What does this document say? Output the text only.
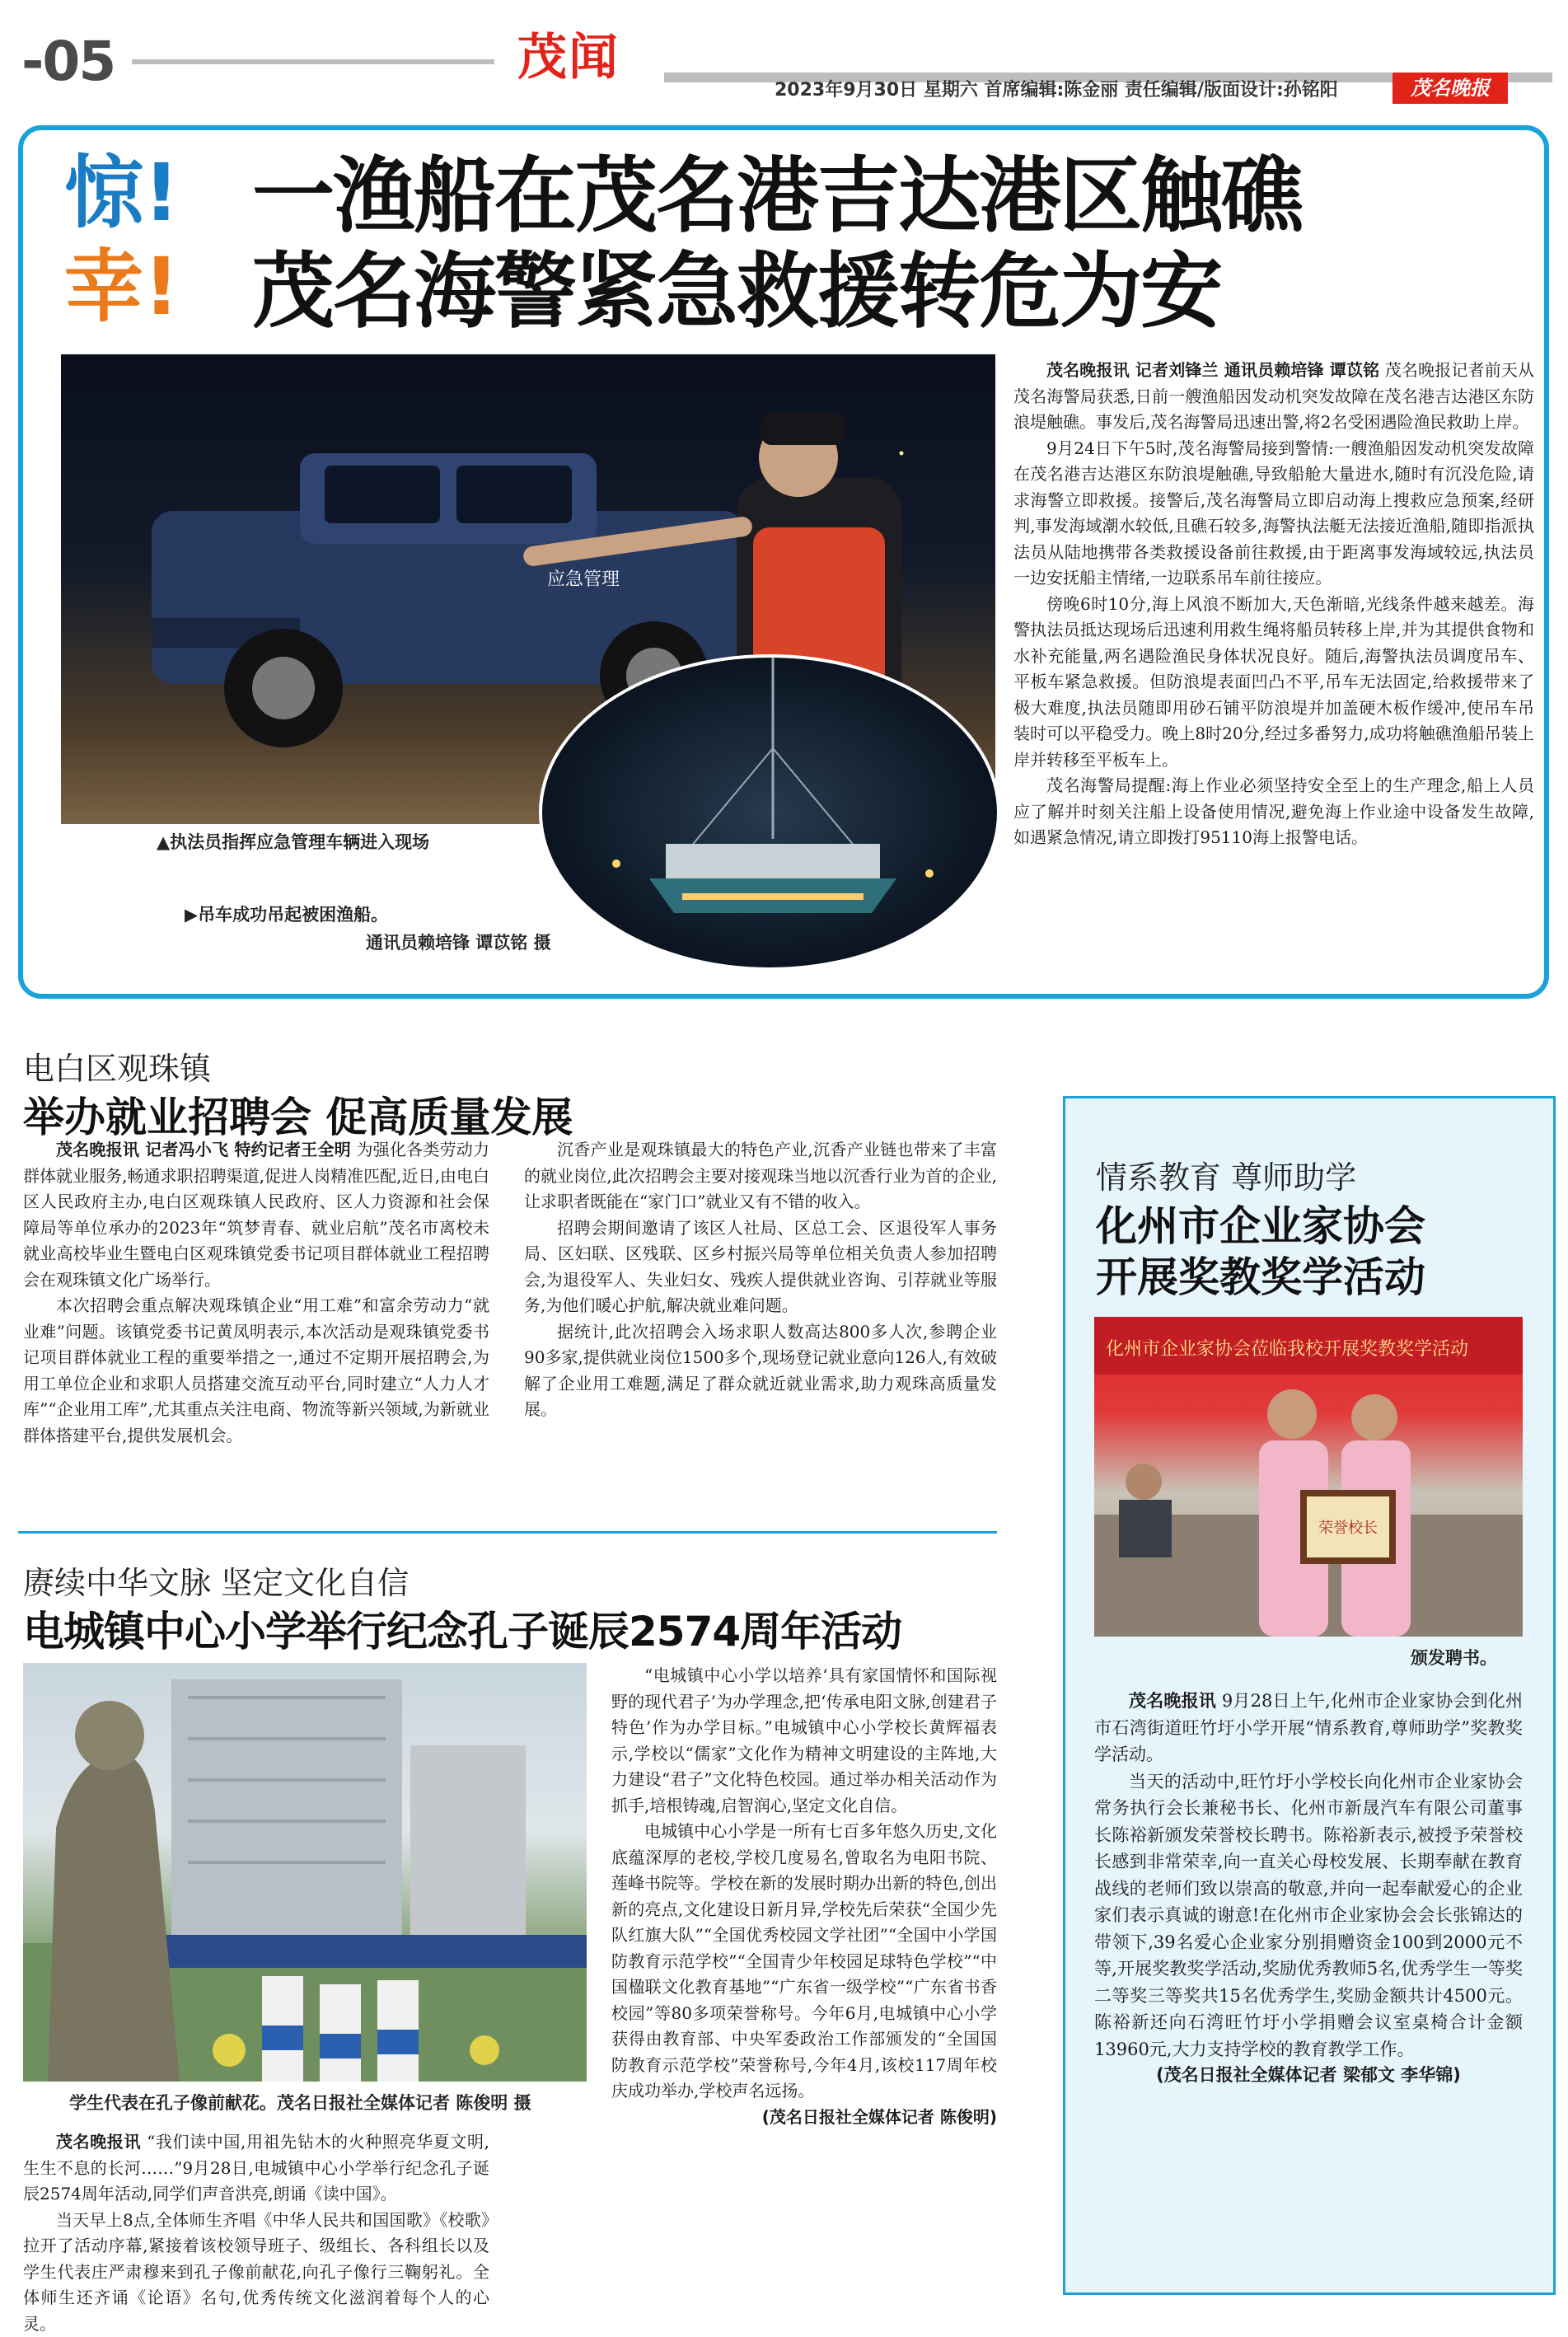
-05	茂闻
2023年9月30日 星期六 首席编辑:陈金丽 责任编辑/版面设计:孙铭阳	茂名晚报
惊!
幸!
一渔船在茂名港吉达港区触礁
茂名海警紧急救援转危为安
应急管理
▲执法员指挥应急管理车辆进入现场
▶吊车成功吊起被困渔船。
通讯员赖培锋 谭苡铭 摄

茂名晚报讯 记者刘锋兰 通讯员赖培锋 谭苡铭 茂名晚报记者前天从茂名海警局获悉,日前一艘渔船因发动机突发故障在茂名港吉达港区东防浪堤触礁。事发后,茂名海警局迅速出警,将2名受困遇险渔民救助上岸。

9月24日下午5时,茂名海警局接到警情:一艘渔船因发动机突发故障在茂名港吉达港区东防浪堤触礁,导致船舱大量进水,随时有沉没危险,请求海警立即救援。接警后,茂名海警局立即启动海上搜救应急预案,经研判,事发海域潮水较低,且礁石较多,海警执法艇无法接近渔船,随即指派执法员从陆地携带各类救援设备前往救援,由于距离事发海域较远,执法员一边安抚船主情绪,一边联系吊车前往接应。

傍晚6时10分,海上风浪不断加大,天色渐暗,光线条件越来越差。海警执法员抵达现场后迅速利用救生绳将船员转移上岸,并为其提供食物和水补充能量,两名遇险渔民身体状况良好。随后,海警执法员调度吊车、平板车紧急救援。但防浪堤表面凹凸不平,吊车无法固定,给救援带来了极大难度,执法员随即用砂石铺平防浪堤并加盖硬木板作缓冲,使吊车吊装时可以平稳受力。晚上8时20分,经过多番努力,成功将触礁渔船吊装上岸并转移至平板车上。

茂名海警局提醒:海上作业必须坚持安全至上的生产理念,船上人员应了解并时刻关注船上设备使用情况,避免海上作业途中设备发生故障,如遇紧急情况,请立即拨打95110海上报警电话。

电白区观珠镇
举办就业招聘会 促高质量发展

茂名晚报讯 记者冯小飞 特约记者王全明 为强化各类劳动力群体就业服务,畅通求职招聘渠道,促进人岗精准匹配,近日,由电白区人民政府主办,电白区观珠镇人民政府、区人力资源和社会保障局等单位承办的2023年“筑梦青春、就业启航”茂名市离校未就业高校毕业生暨电白区观珠镇党委书记项目群体就业工程招聘会在观珠镇文化广场举行。

本次招聘会重点解决观珠镇企业“用工难”和富余劳动力“就业难”问题。该镇党委书记黄凤明表示,本次活动是观珠镇党委书记项目群体就业工程的重要举措之一,通过不定期开展招聘会,为用工单位企业和求职人员搭建交流互动平台,同时建立“人力人才库”“企业用工库”,尤其重点关注电商、物流等新兴领域,为新就业群体搭建平台,提供发展机会。

沉香产业是观珠镇最大的特色产业,沉香产业链也带来了丰富的就业岗位,此次招聘会主要对接观珠当地以沉香行业为首的企业,让求职者既能在“家门口”就业又有不错的收入。

招聘会期间邀请了该区人社局、区总工会、区退役军人事务局、区妇联、区残联、区乡村振兴局等单位相关负责人参加招聘会,为退役军人、失业妇女、残疾人提供就业咨询、引荐就业等服务,为他们暖心护航,解决就业难问题。

据统计,此次招聘会入场求职人数高达800多人次,参聘企业90多家,提供就业岗位1500多个,现场登记就业意向126人,有效破解了企业用工难题,满足了群众就近就业需求,助力观珠高质量发展。

赓续中华文脉 坚定文化自信
电城镇中心小学举行纪念孔子诞辰2574周年活动
学生代表在孔子像前献花。茂名日报社全媒体记者 陈俊明 摄

茂名晚报讯 “我们读中国,用祖先钻木的火种照亮华夏文明,生生不息的长河……”9月28日,电城镇中心小学举行纪念孔子诞辰2574周年活动,同学们声音洪亮,朗诵《读中国》。

当天早上8点,全体师生齐唱《中华人民共和国国歌》《校歌》拉开了活动序幕,紧接着该校领导班子、级组长、各科组长以及学生代表庄严肃穆来到孔子像前献花,向孔子像行三鞠躬礼。全体师生还齐诵《论语》名句,优秀传统文化滋润着每个人的心灵。

“电城镇中心小学以培养‘具有家国情怀和国际视野的现代君子’为办学理念,把‘传承电阳文脉,创建君子特色’作为办学目标。”电城镇中心小学校长黄辉福表示,学校以“儒家”文化作为精神文明建设的主阵地,大力建设“君子”文化特色校园。通过举办相关活动作为抓手,培根铸魂,启智润心,坚定文化自信。

电城镇中心小学是一所有七百多年悠久历史,文化底蕴深厚的老校,学校几度易名,曾取名为电阳书院、莲峰书院等。学校在新的发展时期办出新的特色,创出新的亮点,文化建设日新月异,学校先后荣获“全国少先队红旗大队”“全国优秀校园文学社团”“全国中小学国防教育示范学校”“全国青少年校园足球特色学校”“中国楹联文化教育基地”“广东省一级学校”“广东省书香校园”等80多项荣誉称号。今年6月,电城镇中心小学获得由教育部、中央军委政治工作部颁发的“全国国防教育示范学校”荣誉称号,今年4月,该校117周年校庆成功举办,学校声名远扬。

(茂名日报社全媒体记者 陈俊明)

情系教育 尊师助学
化州市企业家协会
开展奖教奖学活动
化州市企业家协会莅临我校开展奖教奖学活动
荣誉校长
颁发聘书。

茂名晚报讯 9月28日上午,化州市企业家协会到化州市石湾街道旺竹圩小学开展“情系教育,尊师助学”奖教奖学活动。

当天的活动中,旺竹圩小学校长向化州市企业家协会常务执行会长兼秘书长、化州市新晟汽车有限公司董事长陈裕新颁发荣誉校长聘书。陈裕新表示,被授予荣誉校长感到非常荣幸,向一直关心母校发展、长期奉献在教育战线的老师们致以崇高的敬意,并向一起奉献爱心的企业家们表示真诚的谢意!在化州市企业家协会会长张锦达的带领下,39名爱心企业家分别捐赠资金100到2000元不等,开展奖教奖学活动,奖励优秀教师5名,优秀学生一等奖二等奖三等奖共15名优秀学生,奖励金额共计4500元。陈裕新还向石湾旺竹圩小学捐赠会议室桌椅合计金额13960元,大力支持学校的教育教学工作。

(茂名日报社全媒体记者 梁郁文 李华锦)
